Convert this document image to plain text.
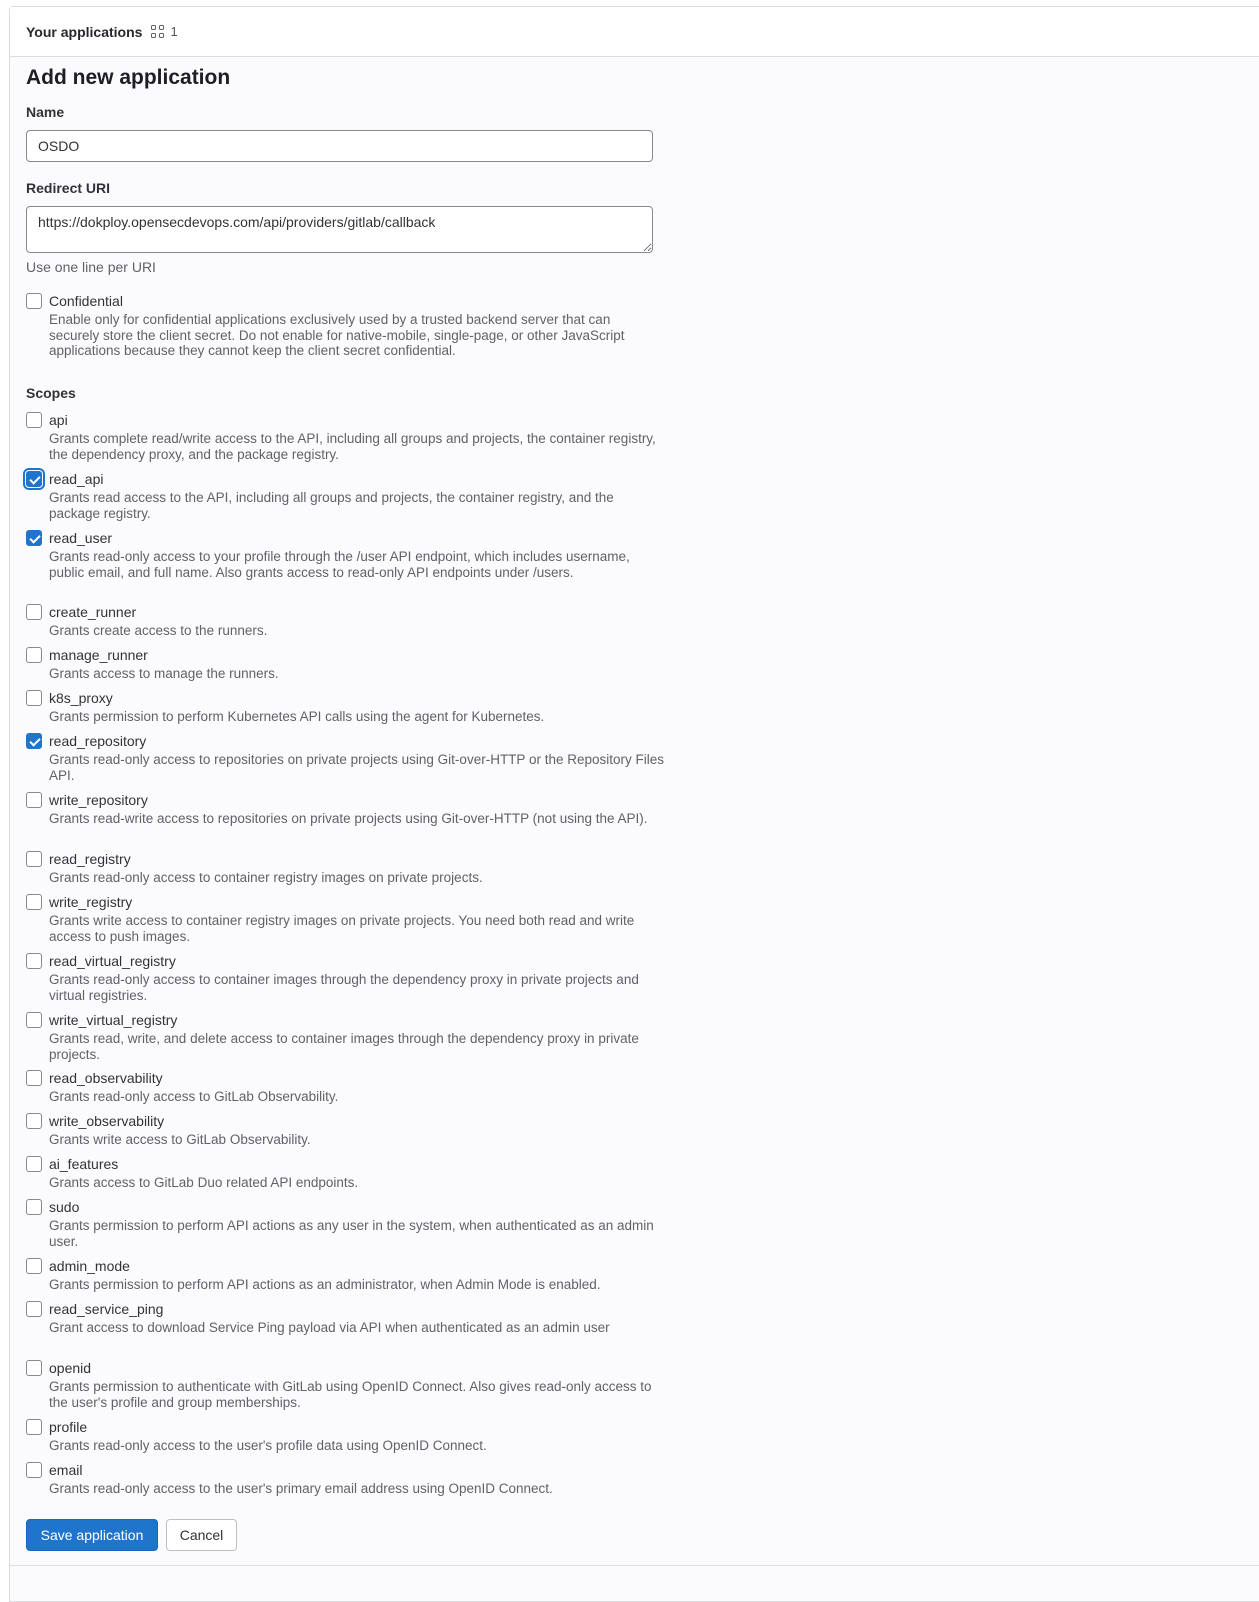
Your applications 1
Add new application
Name
OSDO
Redirect URI
https://dokploy.opensecdevops.com/api/providers/gitlab/callback
Use one line per URI
Confidential
Enable only for confidential applications exclusively used by a trusted backend server that can securely store the client secret. Do not enable for native-mobile, single-page, or other JavaScript applications because they cannot keep the client secret confidential.
Scopes
api
Grants complete read/write access to the API, including all groups and projects, the container registry, the dependency proxy, and the package registry.
read_api
Grants read access to the API, including all groups and projects, the container registry, and the package registry.
read_user
Grants read-only access to your profile through the /user API endpoint, which includes username, public email, and full name. Also grants access to read-only API endpoints under /users.
create_runner
Grants create access to the runners.
manage_runner
Grants access to manage the runners.
k8s_proxy
Grants permission to perform Kubernetes API calls using the agent for Kubernetes.
read_repository
Grants read-only access to repositories on private projects using Git-over-HTTP or the Repository Files API.
write_repository
Grants read-write access to repositories on private projects using Git-over-HTTP (not using the API).
read_registry
Grants read-only access to container registry images on private projects.
write_registry
Grants write access to container registry images on private projects. You need both read and write access to push images.
read_virtual_registry
Grants read-only access to container images through the dependency proxy in private projects and virtual registries.
write_virtual_registry
Grants read, write, and delete access to container images through the dependency proxy in private projects.
read_observability
Grants read-only access to GitLab Observability.
write_observability
Grants write access to GitLab Observability.
ai_features
Grants access to GitLab Duo related API endpoints.
sudo
Grants permission to perform API actions as any user in the system, when authenticated as an admin user.
admin_mode
Grants permission to perform API actions as an administrator, when Admin Mode is enabled.
read_service_ping
Grant access to download Service Ping payload via API when authenticated as an admin user
openid
Grants permission to authenticate with GitLab using OpenID Connect. Also gives read-only access to the user's profile and group memberships.
profile
Grants read-only access to the user's profile data using OpenID Connect.
email
Grants read-only access to the user's primary email address using OpenID Connect.
Save application	Cancel
